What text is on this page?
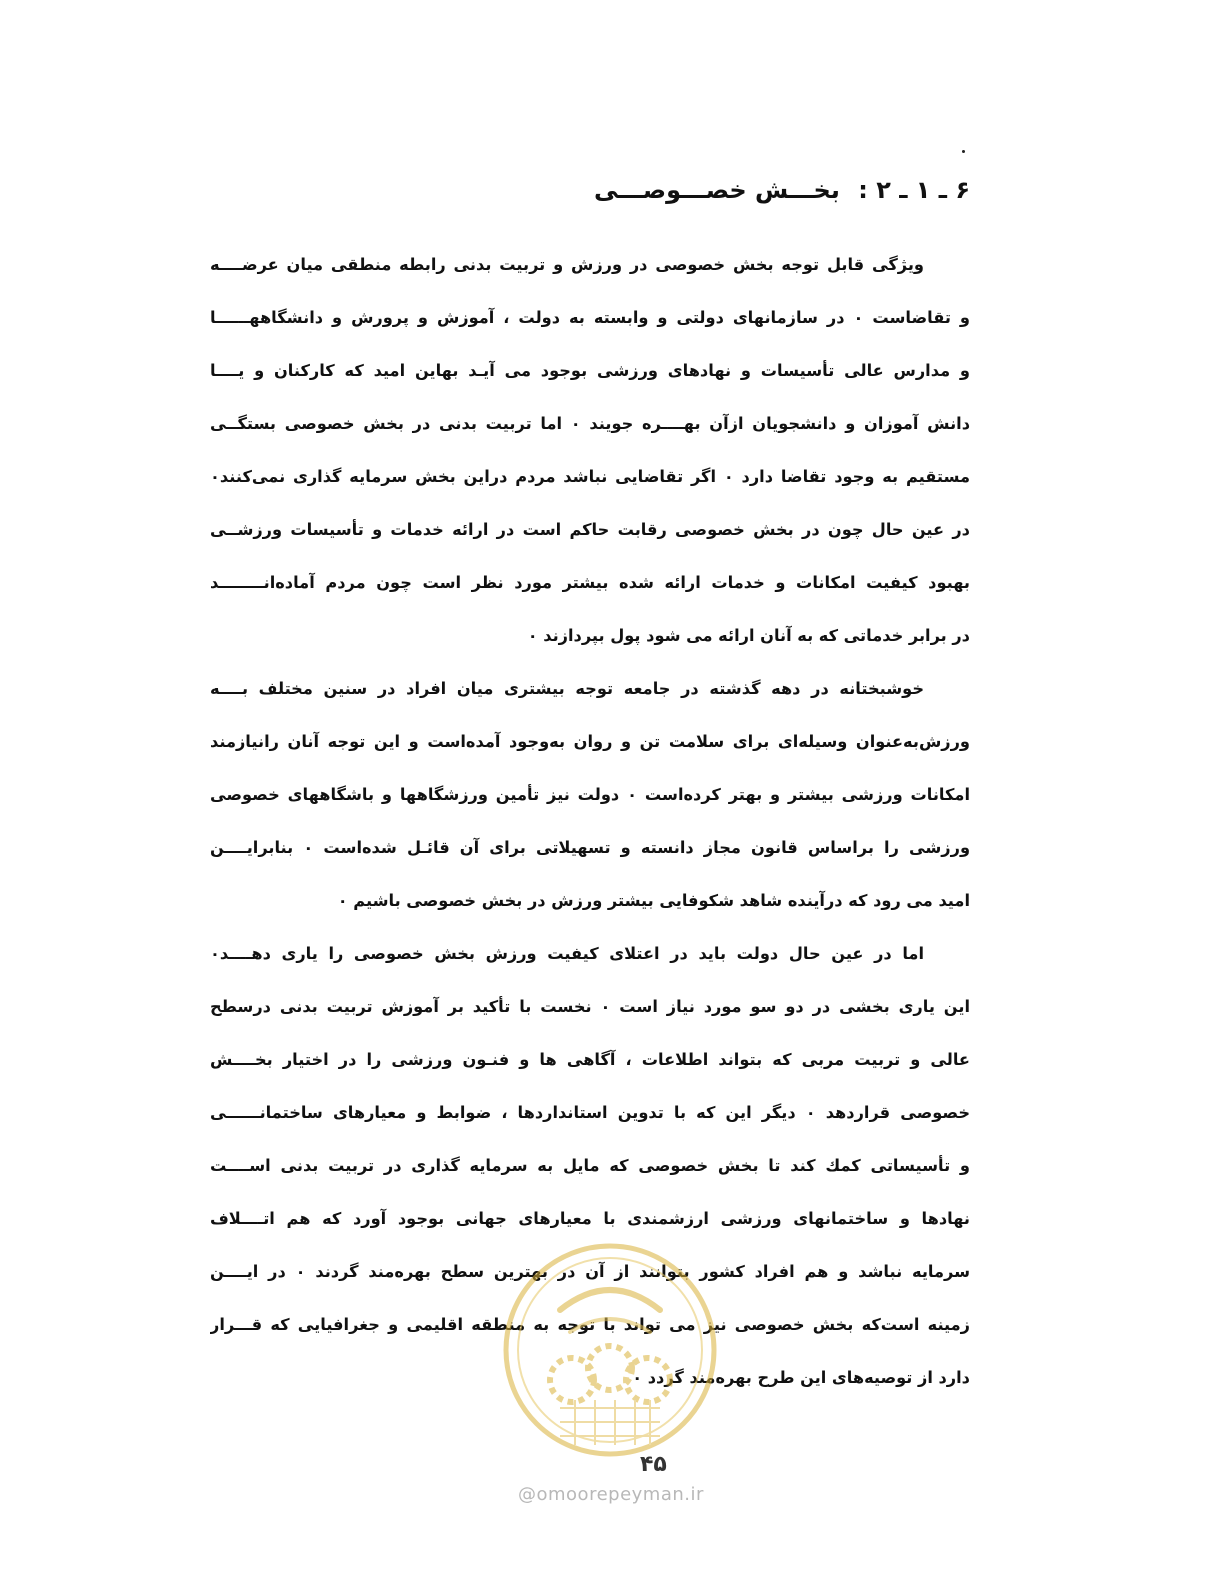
۶ ـ ۱ ـ ۲ : بخـــش خصـــوصـــی
ویژگی قابل توجه بخش خصوصی در ورزش و تربیت بدنی رابطه منطقی میان عرضــــه
و تقاضاست ۰ در سازمانهای دولتی و وابسته به دولت ، آموزش و پرورش و دانشگاههــــــا
و مدارس عالی تأسیسات و نهادهای ورزشی بوجود می آیـد بهاین امید که کارکنان و یــــا
دانش آموزان و دانشجویان ازآن بهــــره جویند ۰ اما تربیت بدنی در بخش خصوصی بستگــی
مستقیم به وجود تقاضا دارد ۰ اگر تقاضایی نباشد مردم دراین بخش سرمایه گذاری نمی‌کنند۰
در عین حال چون در بخش خصوصی رقابت حاکم است در ارائه خدمات و تأسیسات ورزشــی
بهبود کیفیت امکانات و خدمات ارائه شده بیشتر مورد نظر است چون مردم آماده‌انــــــــد
در برابر خدماتی که به آنان ارائه می شود پول بپردازند ۰
خوشبختانه در دهه گذشته در جامعه توجه بیشتری میان افراد در سنین مختلف بــــه
ورزش‌به‌عنوان وسیله‌ای برای سلامت تن و روان به‌وجود آمده‌است و این توجه آنان رانیازمند
امکانات ورزشی بیشتر و بهتر کرده‌است ۰ دولت نیز تأمین ورزشگاهها و باشگاههای خصوصی
ورزشی را براساس قانون مجاز دانسته و تسهیلاتی برای آن قائـل شده‌است ۰ بنابرایــــن
امید می رود که درآینده شاهد شکوفایی بیشتر ورزش در بخش خصوصی باشیم ۰
اما در عین حال دولت باید در اعتلای کیفیت ورزش بخش خصوصی را یاری دهــــد۰
این یاری بخشی در دو سو مورد نیاز است ۰ نخست با تأکید بر آموزش تربیت بدنی درسطح
عالی و تربیت مربی که بتواند اطلاعات ، آگاهی ها و فنـون ورزشی را در اختیار بخــــش
خصوصی قراردهد ۰ دیگر این که با تدوین استانداردها ، ضوابط و معیارهای ساختمانــــــی
و تأسیساتی کمك کند تا بخش خصوصی که مایل به سرمایه گذاری در تربیت بدنی اســــت
نهادها و ساختمانهای ورزشی ارزشمندی با معیارهای جهانی بوجود آورد که هم اتــــلاف
سرمایه نباشد و هم افراد کشور بتوانند از آن در بهترین سطح بهره‌مند گردند ۰ در ایــــن
زمینه است‌که بخش خصوصی نیز می تواند با توجه به منطقه اقلیمی و جغرافیایی که قـــرار
دارد از توصیه‌های این طرح بهره‌مند گردد ۰
۴۵
@omoorepeyman.ir
